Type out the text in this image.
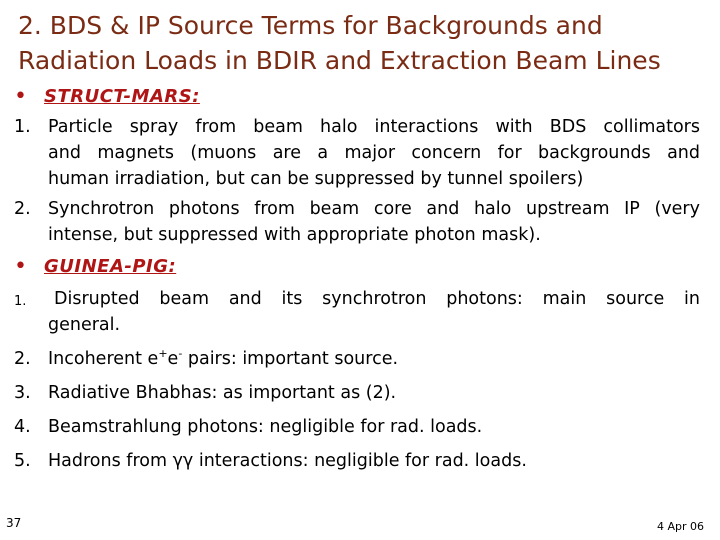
2. BDS & IP Source Terms for Backgrounds and
Radiation Loads in BDIR and Extraction Beam Lines
• STRUCT-MARS:
1. Particle spray from beam halo interactions with BDS collimators
and magnets (muons are a major concern for backgrounds and
human irradiation, but can be suppressed by tunnel spoilers)
2. Synchrotron photons from beam core and halo upstream IP (very
intense, but suppressed with appropriate photon mask).
• GUINEA-PIG:
1.	Disrupted beam and its synchrotron photons: main source in
general.
2. Incoherent e+e- pairs: important source.
3. Radiative Bhabhas: as important as (2).
4. Beamstrahlung photons: negligible for rad. loads.
5. Hadrons from γγ interactions: negligible for rad. loads.
37	4 Apr 06
